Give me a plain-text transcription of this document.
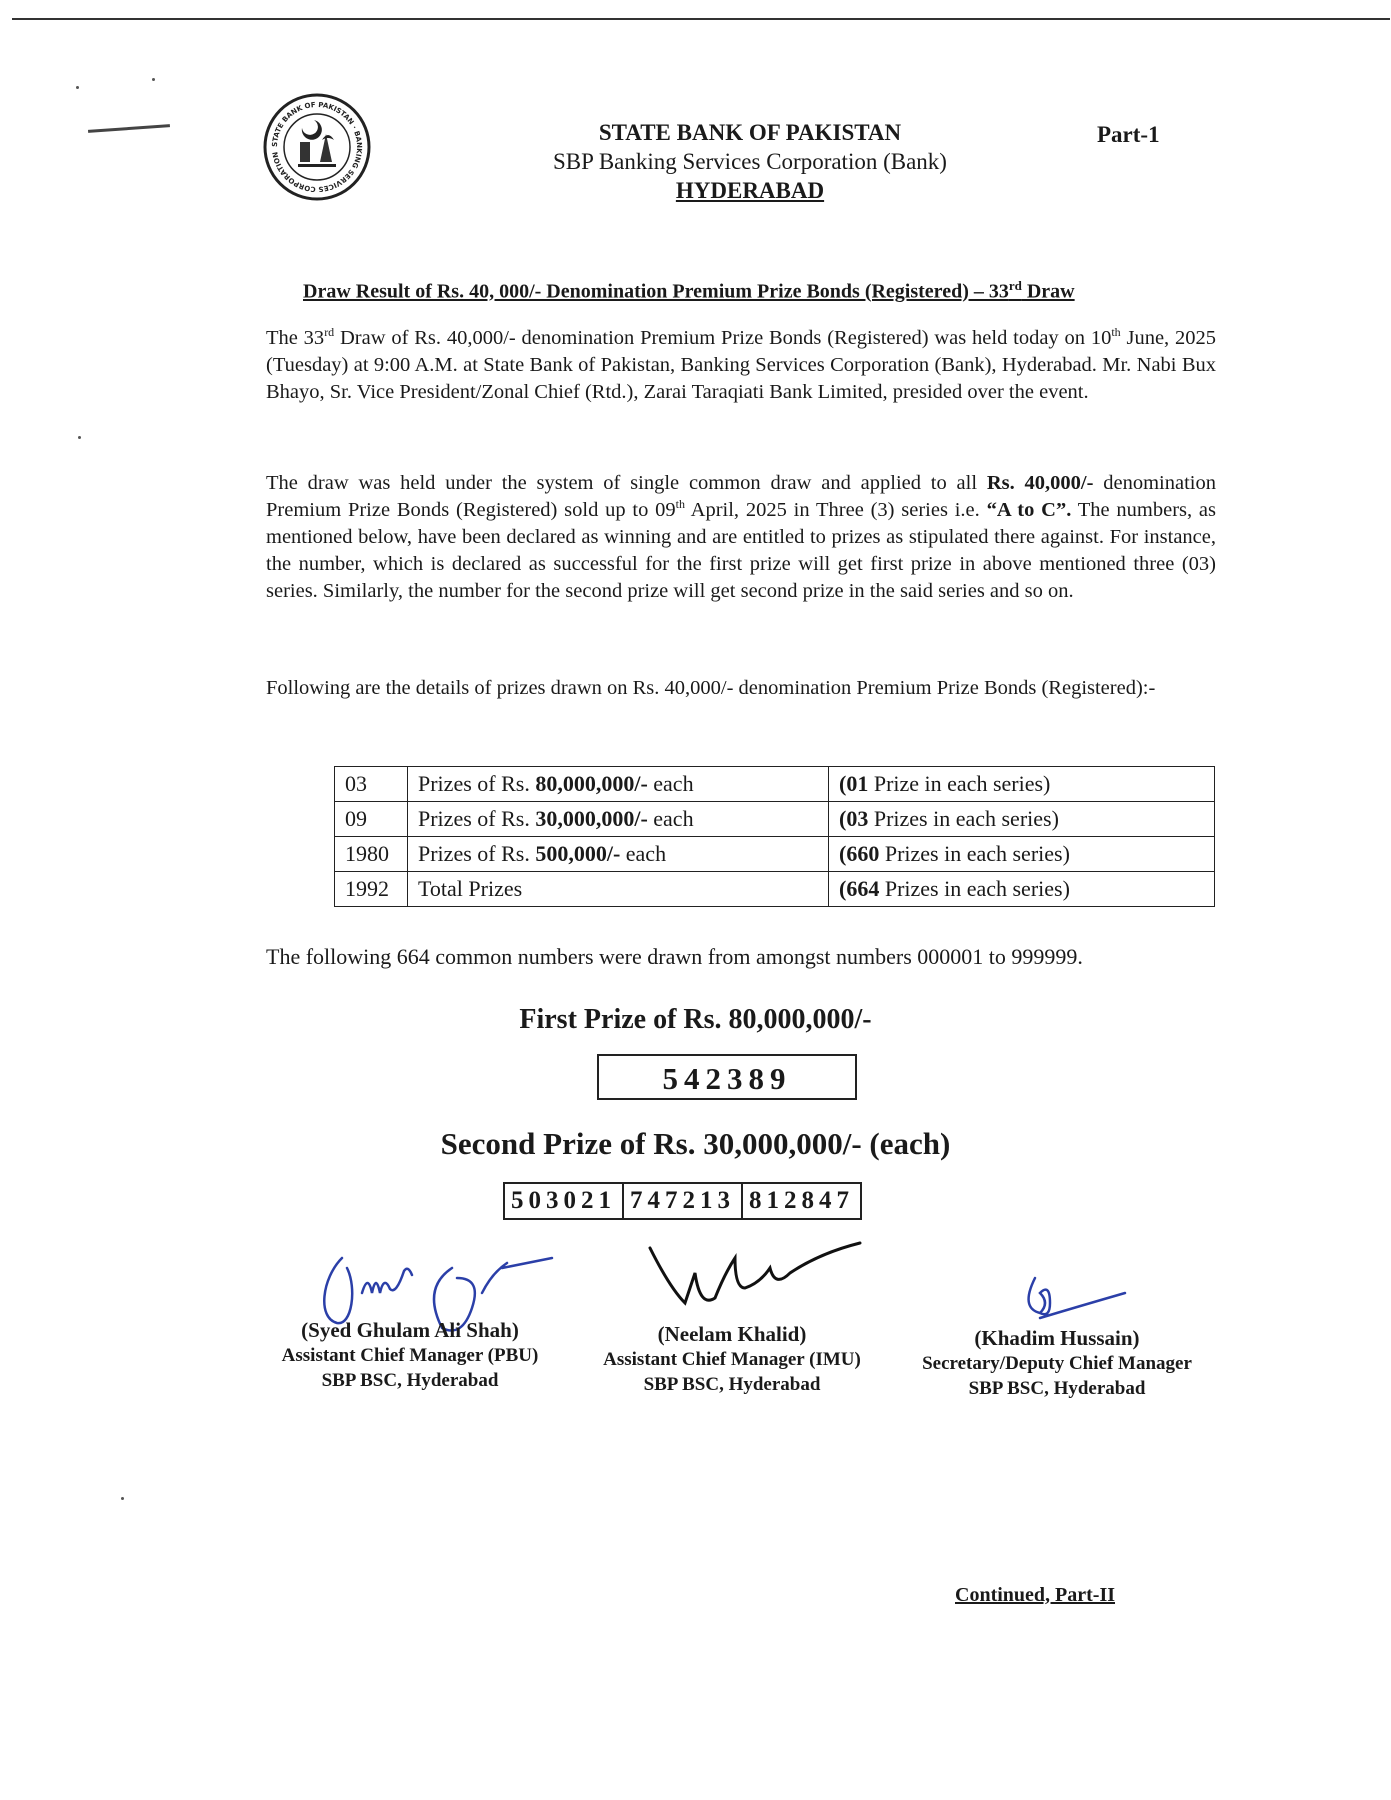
STATE BANK OF PAKISTAN · BANKING SERVICES CORPORATION
STATE BANK OF PAKISTAN
SBP Banking Services Corporation (Bank)
HYDERABAD
Part-1
Draw Result of Rs. 40, 000/- Denomination Premium Prize Bonds (Registered) – 33rd Draw
The 33rd Draw of Rs. 40,000/- denomination Premium Prize Bonds (Registered) was held today on 10th June, 2025 (Tuesday) at 9:00 A.M. at State Bank of Pakistan, Banking Services Corporation (Bank), Hyderabad. Mr. Nabi Bux Bhayo, Sr. Vice President/Zonal Chief (Rtd.), Zarai Taraqiati Bank Limited, presided over the event.
The draw was held under the system of single common draw and applied to all Rs. 40,000/- denomination Premium Prize Bonds (Registered) sold up to 09th April, 2025 in Three (3) series i.e. “A to C”. The numbers, as mentioned below, have been declared as winning and are entitled to prizes as stipulated there against. For instance, the number, which is declared as successful for the first prize will get first prize in above mentioned three (03) series. Similarly, the number for the second prize will get second prize in the said series and so on.
Following are the details of prizes drawn on Rs. 40,000/- denomination Premium Prize Bonds (Registered):-
03	Prizes of Rs. 80,000,000/- each	(01 Prize in each series)
09	Prizes of Rs. 30,000,000/- each	(03 Prizes in each series)
1980	Prizes of Rs. 500,000/- each	(660 Prizes in each series)
1992	Total Prizes	(664 Prizes in each series)
The following 664 common numbers were drawn from amongst numbers 000001 to 999999.
First Prize of Rs. 80,000,000/-
542389
Second Prize of Rs. 30,000,000/- (each)
503021 747213 812847
(Syed Ghulam Ali Shah)
Assistant Chief Manager (PBU)
SBP BSC, Hyderabad
(Neelam Khalid)
Assistant Chief Manager (IMU)
SBP BSC, Hyderabad
(Khadim Hussain)
Secretary/Deputy Chief Manager
SBP BSC, Hyderabad
Continued, Part-II
